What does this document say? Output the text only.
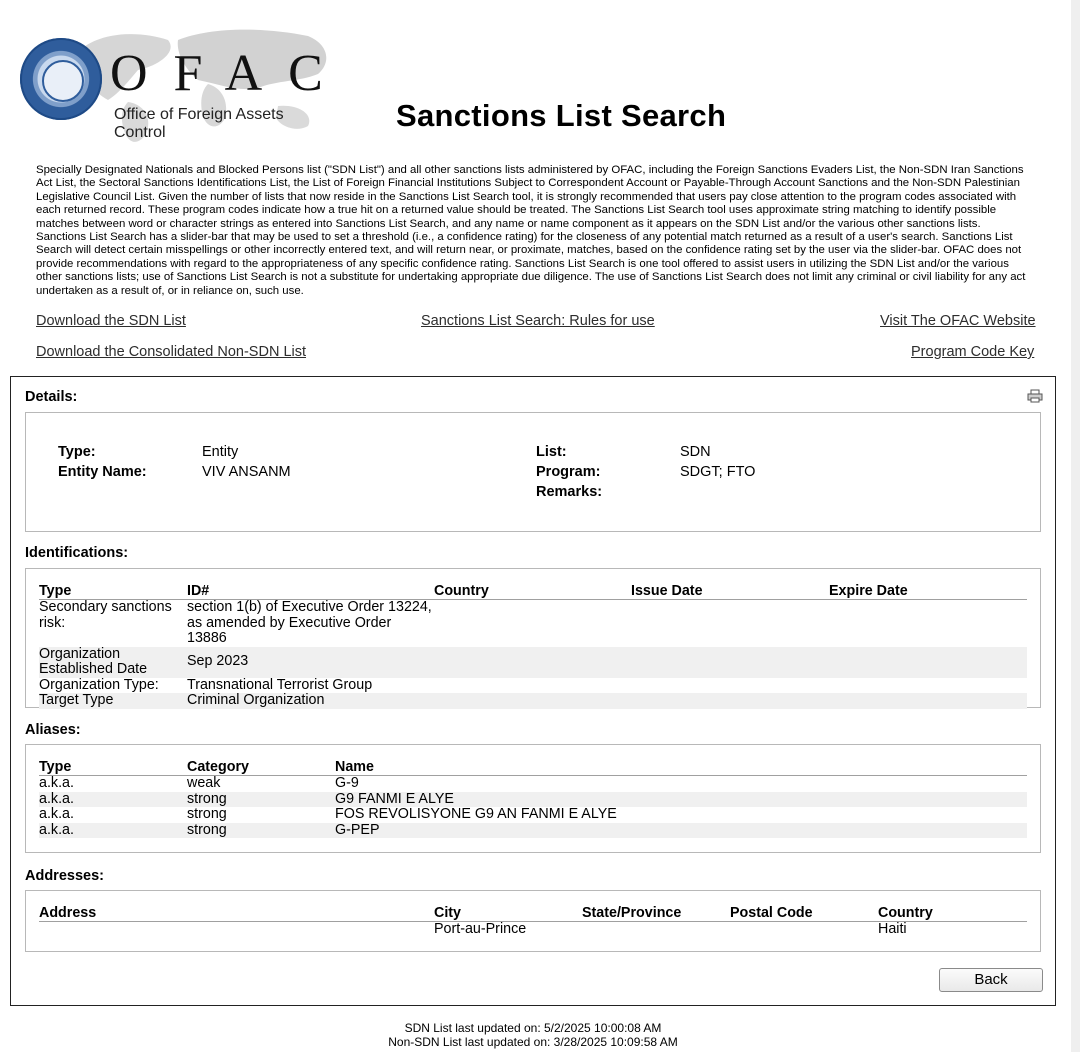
OFAC
Office of Foreign Assets Control	Sanctions List Search
Specially Designated Nationals and Blocked Persons list ("SDN List") and all other sanctions lists administered by OFAC, including the Foreign Sanctions Evaders List, the Non-SDN Iran Sanctions Act List, the Sectoral Sanctions Identifications List, the List of Foreign Financial Institutions Subject to Correspondent Account or Payable-Through Account Sanctions and the Non-SDN Palestinian Legislative Council List. Given the number of lists that now reside in the Sanctions List Search tool, it is strongly recommended that users pay close attention to the program codes associated with each returned record. These program codes indicate how a true hit on a returned value should be treated. The Sanctions List Search tool uses approximate string matching to identify possible matches between word or character strings as entered into Sanctions List Search, and any name or name component as it appears on the SDN List and/or the various other sanctions lists. Sanctions List Search has a slider-bar that may be used to set a threshold (i.e., a confidence rating) for the closeness of any potential match returned as a result of a user's search. Sanctions List Search will detect certain misspellings or other incorrectly entered text, and will return near, or proximate, matches, based on the confidence rating set by the user via the slider-bar. OFAC does not provide recommendations with regard to the appropriateness of any specific confidence rating. Sanctions List Search is one tool offered to assist users in utilizing the SDN List and/or the various other sanctions lists; use of Sanctions List Search is not a substitute for undertaking appropriate due diligence. The use of Sanctions List Search does not limit any criminal or civil liability for any act undertaken as a result of, or in reliance on, such use.
Download the SDN List	Sanctions List Search: Rules for use	Visit The OFAC Website
Download the Consolidated Non-SDN List	Program Code Key
Details:
Type:	Entity
Entity Name:	VIV ANSANM
List:	SDN
Program:	SDGT; FTO
Remarks:
Identifications:
Type	ID#	Country	Issue Date	Expire Date
Secondary sanctions risk:	section 1(b) of Executive Order 13224, as amended by Executive Order 13886			
Organization Established Date	Sep 2023			
Organization Type:	Transnational Terrorist Group			
Target Type	Criminal Organization			
Aliases:
Type	Category	Name
a.k.a.	weak	G-9
a.k.a.	strong	G9 FANMI E ALYE
a.k.a.	strong	FOS REVOLISYONE G9 AN FANMI E ALYE
a.k.a.	strong	G-PEP
Addresses:
Address	City	State/Province	Postal Code	Country
	Port-au-Prince			Haiti
Back
SDN List last updated on: 5/2/2025 10:00:08 AM
Non-SDN List last updated on: 3/28/2025 10:09:58 AM
